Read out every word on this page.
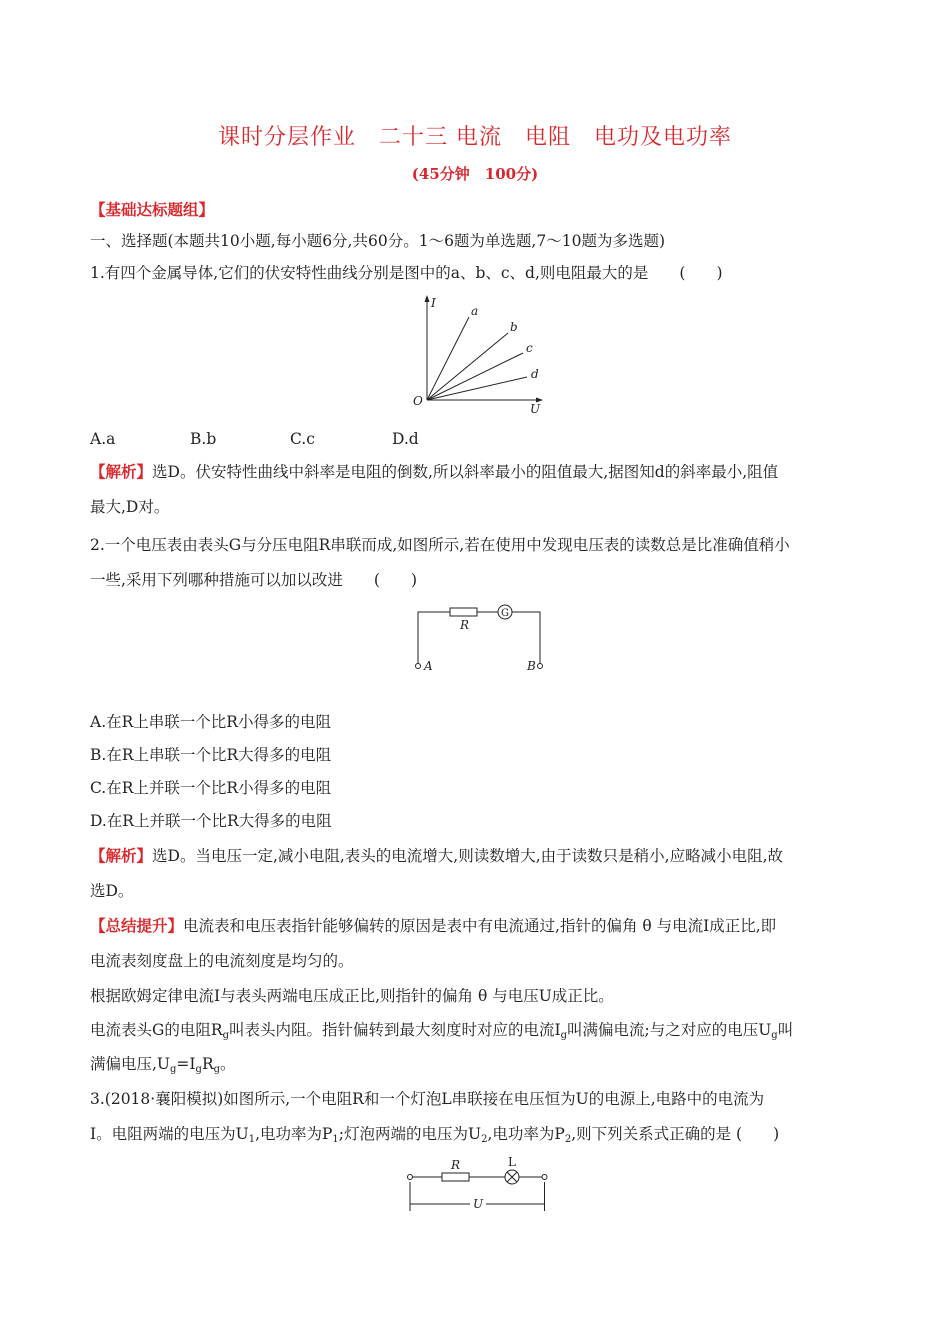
课时分层作业　二十三 电流　电阻　电功及电功率
(45分钟　100分)
【基础达标题组】
一、选择题(本题共10小题,每小题6分,共60分。1～6题为单选题,7～10题为多选题)
1.有四个金属导体,它们的伏安特性曲线分别是图中的a、b、c、d,则电阻最大的是　　(　　)
I
a
b
c
d
O
U
A.a	B.b	C.c	D.d
【解析】选D。伏安特性曲线中斜率是电阻的倒数,所以斜率最小的阻值最大,据图知d的斜率最小,阻值
最大,D对。
2.一个电压表由表头G与分压电阻R串联而成,如图所示,若在使用中发现电压表的读数总是比准确值稍小
一些,采用下列哪种措施可以加以改进　　(　　)
G
R
A	B
A.在R上串联一个比R小得多的电阻
B.在R上串联一个比R大得多的电阻
C.在R上并联一个比R小得多的电阻
D.在R上并联一个比R大得多的电阻
【解析】选D。当电压一定,减小电阻,表头的电流增大,则读数增大,由于读数只是稍小,应略减小电阻,故
选D。
【总结提升】电流表和电压表指针能够偏转的原因是表中有电流通过,指针的偏角 θ 与电流I成正比,即
电流表刻度盘上的电流刻度是均匀的。
根据欧姆定律电流I与表头两端电压成正比,则指针的偏角 θ 与电压U成正比。
电流表头G的电阻$R_g$叫表头内阻。指针偏转到最大刻度时对应的电流$I_g$叫满偏电流;与之对应的电压$U_g$叫
满偏电压$,U_g=I_gR_g$。
3.(2018·襄阳模拟)如图所示,一个电阻R和一个灯泡L串联接在电压恒为U的电源上,电路中的电流为
I。电阻两端的电压为$U_1$,电功率为$P_1$;灯泡两端的电压为$U_2$,电功率为$P_2$,则下列关系式正确的是 (　　)
R	L
U
